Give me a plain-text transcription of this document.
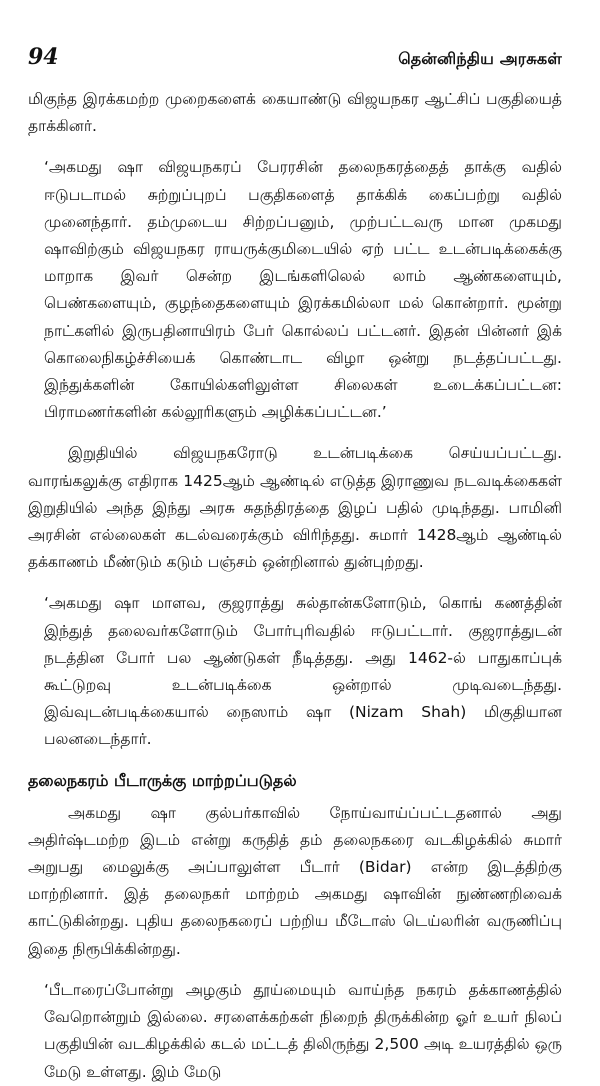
94	தென்னிந்திய அரசுகள்

மிகுந்த இரக்கமற்ற முறைகளைக் கையாண்டு விஜயநகர ஆட்சிப் பகுதியைத் தாக்கினர்.

‘அகமது ஷா விஜயநகரப் பேரரசின் தலைநகரத்தைத் தாக்கு வதில் ஈடுபடாமல் சுற்றுப்புறப் பகுதிகளைத் தாக்கிக் கைப்பற்று வதில் முனைந்தார். தம்முடைய சிற்றப்பனும், முற்பட்டவரு மான முகமது ஷாவிற்கும் விஜயநகர ராயருக்குமிடையில் ஏற் பட்ட உடன்படிக்கைக்கு மாறாக இவர் சென்ற இடங்களிலெல் லாம் ஆண்களையும், பெண்களையும், குழந்தைகளையும் இரக்கமில்லா மல் கொன்றார். மூன்று நாட்களில் இருபதினாயிரம் பேர் கொல்லப் பட்டனர். இதன் பின்னர் இக் கொலைநிகழ்ச்சியைக் கொண்டாட விழா ஒன்று நடத்தப்பட்டது. இந்துக்களின் கோயில்களிலுள்ள சிலைகள் உடைக்கப்பட்டன: பிராமணர்களின் கல்லூரிகளும் அழிக்கப்பட்டன.’

இறுதியில் விஜயநகரோடு உடன்படிக்கை செய்யப்பட்டது. வாரங்கலுக்கு எதிராக 1425ஆம் ஆண்டில் எடுத்த இராணுவ நடவடிக்கைகள் இறுதியில் அந்த இந்து அரசு சுதந்திரத்தை இழப் பதில் முடிந்தது. பாமினி அரசின் எல்லைகள் கடல்வரைக்கும் விரிந்தது. சுமார் 1428ஆம் ஆண்டில் தக்காணம் மீண்டும் கடும் பஞ்சம் ஒன்றினால் துன்புற்றது.

‘அகமது ஷா மாளவ, குஜராத்து சுல்தான்களோடும், கொங் கணத்தின் இந்துத் தலைவர்களோடும் போர்புரிவதில் ஈடுபட்டார். குஜராத்துடன் நடத்தின போர் பல ஆண்டுகள் நீடித்தது. அது 1462-ல் பாதுகாப்புக் கூட்டுறவு உடன்படிக்கை ஒன்றால் முடிவடைந்தது. இவ்வுடன்படிக்கையால் நைஸாம் ஷா (Nizam Shah) மிகுதியான பலனடைந்தார்.

தலைநகரம் பீடாருக்கு மாற்றப்படுதல்

அகமது ஷா குல்பர்காவில் நோய்வாய்ப்பட்டதனால் அது அதிர்ஷ்டமற்ற இடம் என்று கருதித் தம் தலைநகரை வடகிழக்கில் சுமார் அறுபது மைலுக்கு அப்பாலுள்ள பீடார் (Bidar) என்ற இடத்திற்கு மாற்றினார். இத் தலைநகர் மாற்றம் அகமது ஷாவின் நுண்ணறிவைக் காட்டுகின்றது. புதிய தலைநகரைப் பற்றிய மீடோஸ் டெய்லரின் வருணிப்பு இதை நிரூபிக்கின்றது.

‘பீடாரைப்போன்று அழகும் தூய்மையும் வாய்ந்த நகரம் தக்காணத்தில் வேறொன்றும் இல்லை. சரளைக்கற்கள் நிறைந் திருக்கின்ற ஓர் உயர் நிலப் பகுதியின் வடகிழக்கில் கடல் மட்டத் திலிருந்து 2,500 அடி உயரத்தில் ஒரு மேடு உள்ளது. இம் மேடு
